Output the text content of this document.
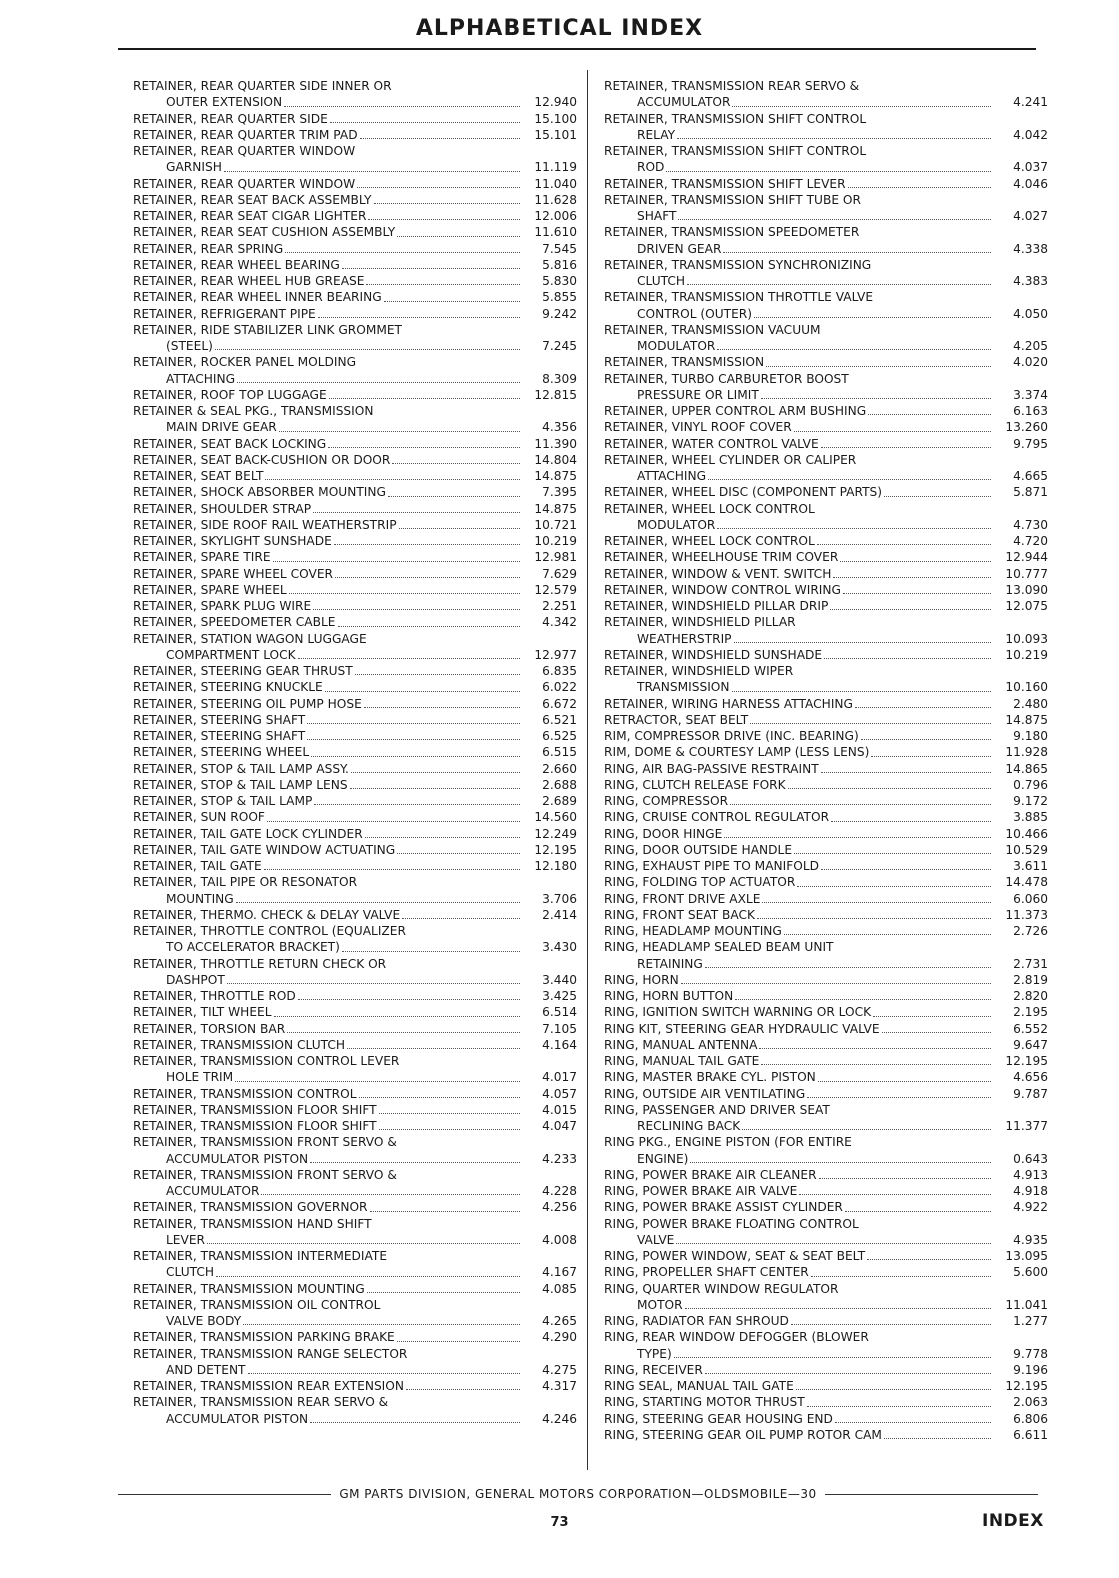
ALPHABETICAL INDEX
RETAINER, REAR QUARTER SIDE INNER OR
OUTER EXTENSION	12.940
RETAINER, REAR QUARTER SIDE	15.100
RETAINER, REAR QUARTER TRIM PAD	15.101
RETAINER, REAR QUARTER WINDOW
GARNISH	11.119
RETAINER, REAR QUARTER WINDOW	11.040
RETAINER, REAR SEAT BACK ASSEMBLY	11.628
RETAINER, REAR SEAT CIGAR LIGHTER	12.006
RETAINER, REAR SEAT CUSHION ASSEMBLY	11.610
RETAINER, REAR SPRING	7.545
RETAINER, REAR WHEEL BEARING	5.816
RETAINER, REAR WHEEL HUB GREASE	5.830
RETAINER, REAR WHEEL INNER BEARING	5.855
RETAINER, REFRIGERANT PIPE	9.242
RETAINER, RIDE STABILIZER LINK GROMMET
(STEEL)	7.245
RETAINER, ROCKER PANEL MOLDING
ATTACHING	8.309
RETAINER, ROOF TOP LUGGAGE	12.815
RETAINER & SEAL PKG., TRANSMISSION
MAIN DRIVE GEAR	4.356
RETAINER, SEAT BACK LOCKING	11.390
RETAINER, SEAT BACK-CUSHION OR DOOR	14.804
RETAINER, SEAT BELT	14.875
RETAINER, SHOCK ABSORBER MOUNTING	7.395
RETAINER, SHOULDER STRAP	14.875
RETAINER, SIDE ROOF RAIL WEATHERSTRIP	10.721
RETAINER, SKYLIGHT SUNSHADE	10.219
RETAINER, SPARE TIRE	12.981
RETAINER, SPARE WHEEL COVER	7.629
RETAINER, SPARE WHEEL	12.579
RETAINER, SPARK PLUG WIRE	2.251
RETAINER, SPEEDOMETER CABLE	4.342
RETAINER, STATION WAGON LUGGAGE
COMPARTMENT LOCK	12.977
RETAINER, STEERING GEAR THRUST	6.835
RETAINER, STEERING KNUCKLE	6.022
RETAINER, STEERING OIL PUMP HOSE	6.672
RETAINER, STEERING SHAFT	6.521
RETAINER, STEERING SHAFT	6.525
RETAINER, STEERING WHEEL	6.515
RETAINER, STOP & TAIL LAMP ASSY.	2.660
RETAINER, STOP & TAIL LAMP LENS	2.688
RETAINER, STOP & TAIL LAMP	2.689
RETAINER, SUN ROOF	14.560
RETAINER, TAIL GATE LOCK CYLINDER	12.249
RETAINER, TAIL GATE WINDOW ACTUATING	12.195
RETAINER, TAIL GATE	12.180
RETAINER, TAIL PIPE OR RESONATOR
MOUNTING	3.706
RETAINER, THERMO. CHECK & DELAY VALVE	2.414
RETAINER, THROTTLE CONTROL (EQUALIZER
TO ACCELERATOR BRACKET)	3.430
RETAINER, THROTTLE RETURN CHECK OR
DASHPOT	3.440
RETAINER, THROTTLE ROD	3.425
RETAINER, TILT WHEEL	6.514
RETAINER, TORSION BAR	7.105
RETAINER, TRANSMISSION CLUTCH	4.164
RETAINER, TRANSMISSION CONTROL LEVER
HOLE TRIM	4.017
RETAINER, TRANSMISSION CONTROL	4.057
RETAINER, TRANSMISSION FLOOR SHIFT	4.015
RETAINER, TRANSMISSION FLOOR SHIFT	4.047
RETAINER, TRANSMISSION FRONT SERVO &
ACCUMULATOR PISTON	4.233
RETAINER, TRANSMISSION FRONT SERVO &
ACCUMULATOR	4.228
RETAINER, TRANSMISSION GOVERNOR	4.256
RETAINER, TRANSMISSION HAND SHIFT
LEVER	4.008
RETAINER, TRANSMISSION INTERMEDIATE
CLUTCH	4.167
RETAINER, TRANSMISSION MOUNTING	4.085
RETAINER, TRANSMISSION OIL CONTROL
VALVE BODY	4.265
RETAINER, TRANSMISSION PARKING BRAKE	4.290
RETAINER, TRANSMISSION RANGE SELECTOR
AND DETENT	4.275
RETAINER, TRANSMISSION REAR EXTENSION	4.317
RETAINER, TRANSMISSION REAR SERVO &
ACCUMULATOR PISTON	4.246
RETAINER, TRANSMISSION REAR SERVO &
ACCUMULATOR	4.241
RETAINER, TRANSMISSION SHIFT CONTROL
RELAY	4.042
RETAINER, TRANSMISSION SHIFT CONTROL
ROD	4.037
RETAINER, TRANSMISSION SHIFT LEVER	4.046
RETAINER, TRANSMISSION SHIFT TUBE OR
SHAFT	4.027
RETAINER, TRANSMISSION SPEEDOMETER
DRIVEN GEAR	4.338
RETAINER, TRANSMISSION SYNCHRONIZING
CLUTCH	4.383
RETAINER, TRANSMISSION THROTTLE VALVE
CONTROL (OUTER)	4.050
RETAINER, TRANSMISSION VACUUM
MODULATOR	4.205
RETAINER, TRANSMISSION	4.020
RETAINER, TURBO CARBURETOR BOOST
PRESSURE OR LIMIT	3.374
RETAINER, UPPER CONTROL ARM BUSHING	6.163
RETAINER, VINYL ROOF COVER	13.260
RETAINER, WATER CONTROL VALVE	9.795
RETAINER, WHEEL CYLINDER OR CALIPER
ATTACHING	4.665
RETAINER, WHEEL DISC (COMPONENT PARTS)	5.871
RETAINER, WHEEL LOCK CONTROL
MODULATOR	4.730
RETAINER, WHEEL LOCK CONTROL	4.720
RETAINER, WHEELHOUSE TRIM COVER	12.944
RETAINER, WINDOW & VENT. SWITCH	10.777
RETAINER, WINDOW CONTROL WIRING	13.090
RETAINER, WINDSHIELD PILLAR DRIP	12.075
RETAINER, WINDSHIELD PILLAR
WEATHERSTRIP	10.093
RETAINER, WINDSHIELD SUNSHADE	10.219
RETAINER, WINDSHIELD WIPER
TRANSMISSION	10.160
RETAINER, WIRING HARNESS ATTACHING	2.480
RETRACTOR, SEAT BELT	14.875
RIM, COMPRESSOR DRIVE (INC. BEARING)	9.180
RIM, DOME & COURTESY LAMP (LESS LENS)	11.928
RING, AIR BAG-PASSIVE RESTRAINT	14.865
RING, CLUTCH RELEASE FORK	0.796
RING, COMPRESSOR	9.172
RING, CRUISE CONTROL REGULATOR	3.885
RING, DOOR HINGE	10.466
RING, DOOR OUTSIDE HANDLE	10.529
RING, EXHAUST PIPE TO MANIFOLD	3.611
RING, FOLDING TOP ACTUATOR	14.478
RING, FRONT DRIVE AXLE	6.060
RING, FRONT SEAT BACK	11.373
RING, HEADLAMP MOUNTING	2.726
RING, HEADLAMP SEALED BEAM UNIT
RETAINING	2.731
RING, HORN	2.819
RING, HORN BUTTON	2.820
RING, IGNITION SWITCH WARNING OR LOCK	2.195
RING KIT, STEERING GEAR HYDRAULIC VALVE	6.552
RING, MANUAL ANTENNA	9.647
RING, MANUAL TAIL GATE	12.195
RING, MASTER BRAKE CYL. PISTON	4.656
RING, OUTSIDE AIR VENTILATING	9.787
RING, PASSENGER AND DRIVER SEAT
RECLINING BACK	11.377
RING PKG., ENGINE PISTON (FOR ENTIRE
ENGINE)	0.643
RING, POWER BRAKE AIR CLEANER	4.913
RING, POWER BRAKE AIR VALVE	4.918
RING, POWER BRAKE ASSIST CYLINDER	4.922
RING, POWER BRAKE FLOATING CONTROL
VALVE	4.935
RING, POWER WINDOW, SEAT & SEAT BELT	13.095
RING, PROPELLER SHAFT CENTER	5.600
RING, QUARTER WINDOW REGULATOR
MOTOR	11.041
RING, RADIATOR FAN SHROUD	1.277
RING, REAR WINDOW DEFOGGER (BLOWER
TYPE)	9.778
RING, RECEIVER	9.196
RING SEAL, MANUAL TAIL GATE	12.195
RING, STARTING MOTOR THRUST	2.063
RING, STEERING GEAR HOUSING END	6.806
RING, STEERING GEAR OIL PUMP ROTOR CAM	6.611
GM PARTS DIVISION, GENERAL MOTORS CORPORATION—OLDSMOBILE—30
73	INDEX
